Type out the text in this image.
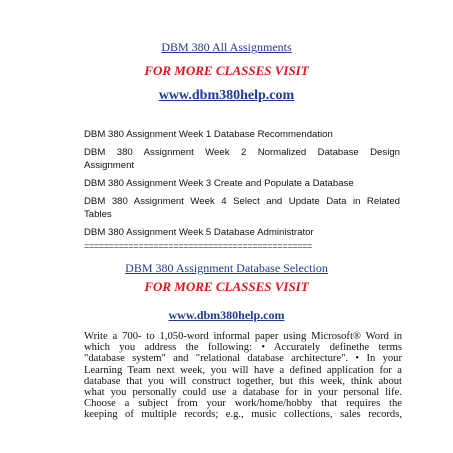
DBM 380 All Assignments
FOR MORE CLASSES VISIT
www.dbm380help.com
DBM 380 Assignment Week 1 Database Recommendation
DBM 380 Assignment Week 2 Normalized Database Design
Assignment
DBM 380 Assignment Week 3 Create and Populate a Database
DBM 380 Assignment Week 4 Select and Update Data in Related
Tables
DBM 380 Assignment Week 5 Database Administrator
==============================================
DBM 380 Assignment Database Selection
FOR MORE CLASSES VISIT
www.dbm380help.com
Write a 700- to 1,050-word informal paper using Microsoft® Word in
which you address the following: • Accurately definethe terms
"database system" and "relational database architecture". • In your
Learning Team next week, you will have a defined application for a
database that you will construct together, but this week, think about
what you personally could use a database for in your personal life.
Choose a subject from your work/home/hobby that requires the
keeping of multiple records; e.g., music collections, sales records,
